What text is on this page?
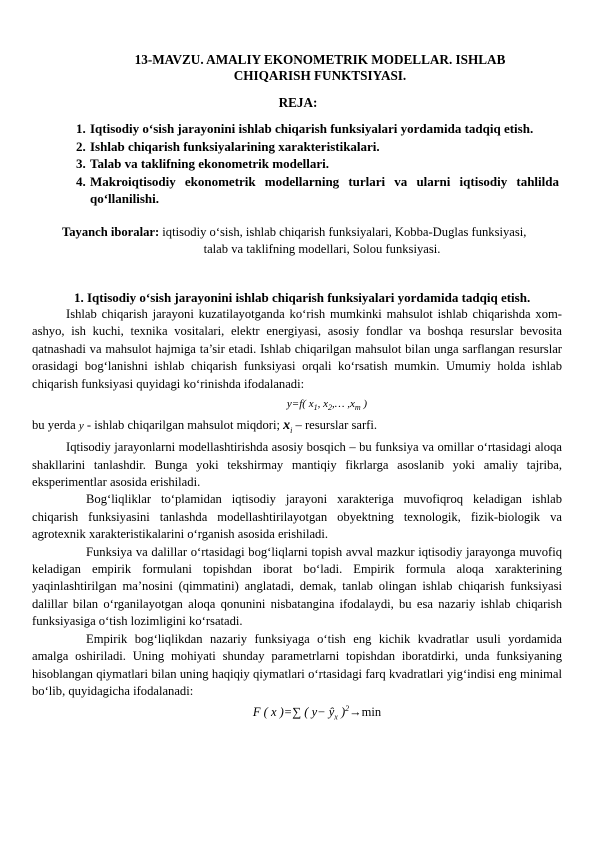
13-MAVZU. AMALIY EKONOMETRIK MODELLAR. ISHLAB
CHIQARISH FUNKTSIYASI.
REJA:
1. Iqtisodiy o‘sish jarayonini ishlab chiqarish funksiyalari yordamida tadqiq etish.
2. Ishlab chiqarish funksiyalarining xarakteristikalari.
3. Talab va taklifning ekonometrik modellari.
4. Makroiqtisodiy ekonometrik modellarning turlari va ularni iqtisodiy tahlilda qo‘llanilishi.
Tayanch iboralar: iqtisodiy o‘sish, ishlab chiqarish funksiyalari, Kobba-Duglas funksiyasi,
talab va taklifning modellari, Solou funksiyasi.
1. Iqtisodiy o‘sish jarayonini ishlab chiqarish funksiyalari yordamida tadqiq etish.

Ishlab chiqarish jarayoni kuzatilayotganda ko‘rish mumkinki mahsulot ishlab chiqarishda xom-ashyo, ish kuchi, texnika vositalari, elektr energiyasi, asosiy fondlar va boshqa resurslar bevosita qatnashadi va mahsulot hajmiga ta’sir etadi. Ishlab chiqarilgan mahsulot bilan unga sarflangan resurslar orasidagi bog‘lanishni ishlab chiqarish funksiyasi orqali ko‘rsatish mumkin. Umumiy holda ishlab chiqarish funksiyasi quyidagi ko‘rinishda ifodalanadi:

y=f( $x_1$, $x_2,\dots$ $,x_m$ )

bu yerda y - ishlab chiqarilgan mahsulot miqdori; $x_i$ – resurslar sarfi.

Iqtisodiy jarayonlarni modellashtirishda asosiy bosqich – bu funksiya va omillar o‘rtasidagi aloqa shakllarini tanlashdir. Bunga yoki tekshirmay mantiqiy fikrlarga asoslanib yoki amaliy tajriba, eksperimentlar asosida erishiladi.

Bog‘liqliklar to‘plamidan iqtisodiy jarayoni xarakteriga muvofiqroq keladigan ishlab chiqarish funksiyasini tanlashda modellashtirilayotgan obyektning texnologik, fizik-biologik va agrotexnik xarakteristikalarini o‘rganish asosida erishiladi.

Funksiya va dalillar o‘rtasidagi bog‘liqlarni topish avval mazkur iqtisodiy jarayonga muvofiq keladigan empirik formulani topishdan iborat bo‘ladi. Empirik formula aloqa xarakterining yaqinlashtirilgan ma’nosini (qimmatini) anglatadi, demak, tanlab olingan ishlab chiqarish funksiyasi dalillar bilan o‘rganilayotgan aloqa qonunini nisbatangina ifodalaydi, bu esa nazariy ishlab chiqarish funksiyasiga o‘tish lozimligini ko‘rsatadi.

Empirik bog‘liqlikdan nazariy funksiyaga o‘tish eng kichik kvadratlar usuli yordamida amalga oshiriladi. Uning mohiyati shunday parametrlarni topishdan iboratdirki, unda funksiyaning hisoblangan qiymatlari bilan uning haqiqiy qiymatlari o‘rtasidagi farq kvadratlari yig‘indisi eng minimal bo‘lib, quyidagicha ifodalanadi:

F ( x )=∑ ( $y- ŷ_x$ )$^2$→min
